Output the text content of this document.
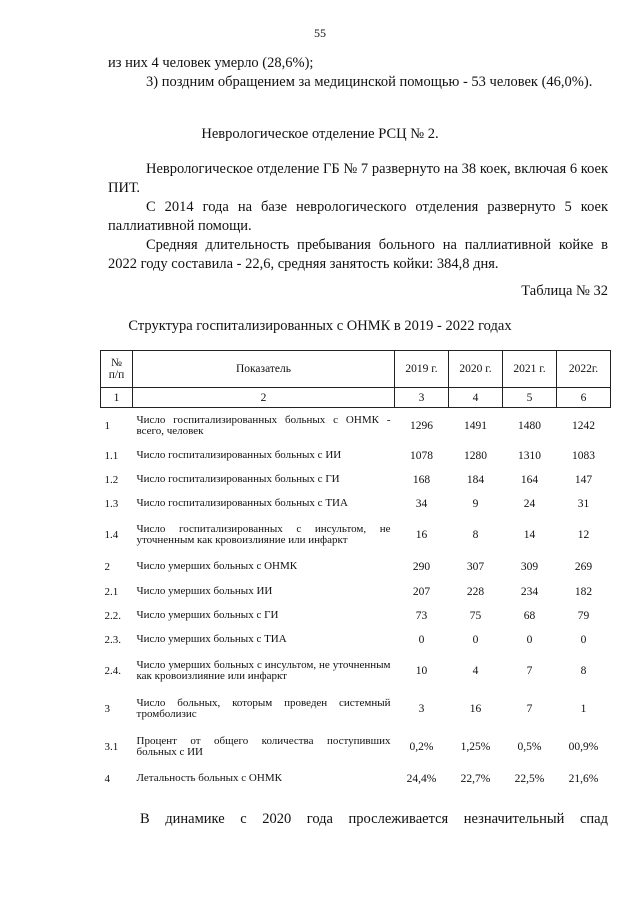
55

из них 4 человек умерло (28,6%);

3) поздним обращением за медицинской помощью - 53 человек (46,0%).

Неврологическое отделение РСЦ № 2.

Неврологическое отделение ГБ № 7 развернуто на 38 коек, включая 6 коек ПИТ.

С 2014 года на базе неврологического отделения развернуто 5 коек паллиативной помощи.

Средняя длительность пребывания больного на паллиативной койке в 2022 году составила - 22,6, средняя занятость койки: 384,8 дня.

Таблица № 32
Структура госпитализированных с ОНМК в 2019 - 2022 годах
№ п/п	Показатель	2019 г.	2020 г.	2021 г.	2022г.
1	2	3	4	5	6
1	Число госпитализированных больных с ОНМК - всего, человек	1296	1491	1480	1242
1.1	Число госпитализированных больных с ИИ	1078	1280	1310	1083
1.2	Число госпитализированных больных с ГИ	168	184	164	147
1.3	Число госпитализированных больных с ТИА	34	9	24	31
1.4	Число госпитализированных с инсультом, не уточненным как кровоизлияние или инфаркт	16	8	14	12
2	Число умерших больных с ОНМК	290	307	309	269
2.1	Число умерших больных ИИ	207	228	234	182
2.2.	Число умерших больных с ГИ	73	75	68	79
2.3.	Число умерших больных с ТИА	0	0	0	0
2.4.	Число умерших больных с инсультом, не уточненным как кровоизлияние или инфаркт	10	4	7	8
3	Число больных, которым проведен системный тромболизис	3	16	7	1
3.1	Процент от общего количества поступивших больных с ИИ	0,2%	1,25%	0,5%	00,9%
4	Летальность больных с ОНМК	24,4%	22,7%	22,5%	21,6%
В динамике с 2020 года прослеживается незначительный спад
